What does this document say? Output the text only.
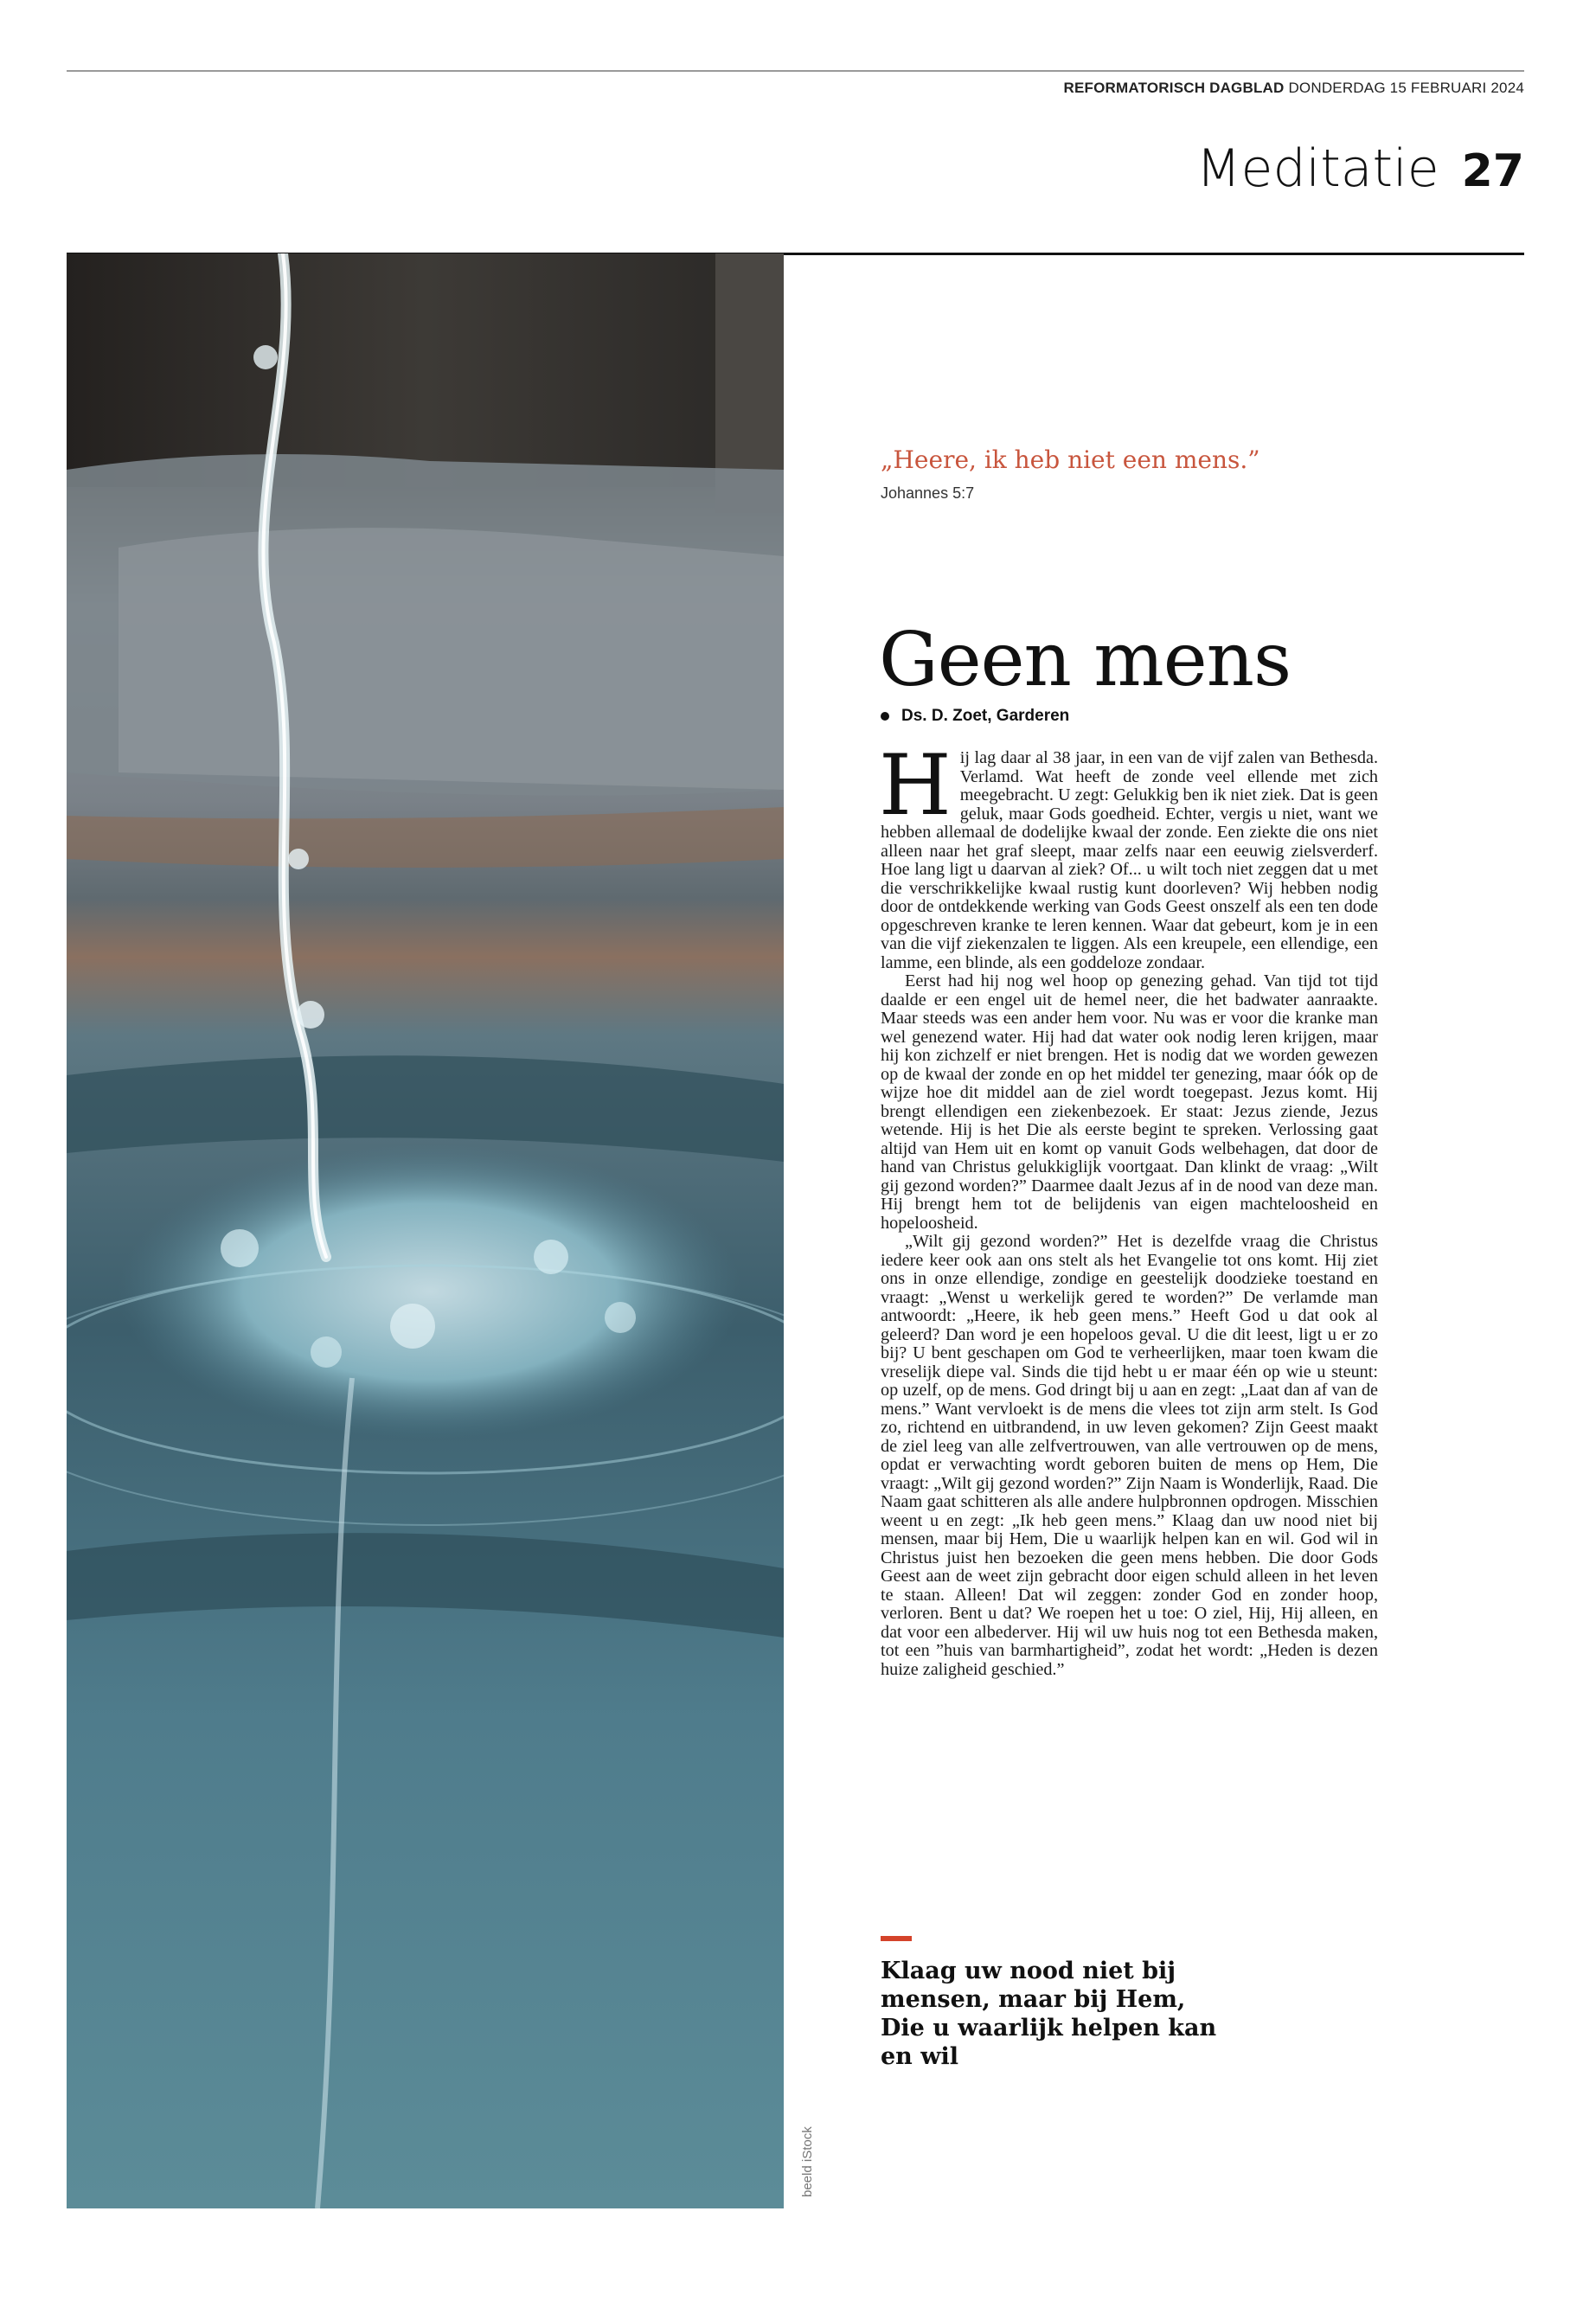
REFORMATORISCH DAGBLAD DONDERDAG 15 FEBRUARI 2024
Meditatie 27
beeld iStock
„Heere, ik heb niet een mens.”
Johannes 5:7
Geen mens
Ds. D. Zoet, Garderen

Hij lag daar al 38 jaar, in een van de vijf zalen van Bethesda. Verlamd. Wat heeft de zonde veel ellende met zich meegebracht. U zegt: Gelukkig ben ik niet ziek. Dat is geen geluk, maar Gods goedheid. Echter, vergis u niet, want we hebben allemaal de dodelijke kwaal der zonde. Een ziekte die ons niet alleen naar het graf sleept, maar zelfs naar een eeuwig zielsverderf. Hoe lang ligt u daarvan al ziek? Of... u wilt toch niet zeggen dat u met die verschrikkelijke kwaal rustig kunt doorleven? Wij hebben nodig door de ontdekkende werking van Gods Geest onszelf als een ten dode opgeschreven kranke te leren kennen. Waar dat gebeurt, kom je in een van die vijf ziekenzalen te liggen. Als een kreupele, een ellendige, een lamme, een blinde, als een goddeloze zondaar.

Eerst had hij nog wel hoop op genezing gehad. Van tijd tot tijd daalde er een engel uit de hemel neer, die het badwater aanraakte. Maar steeds was een ander hem voor. Nu was er voor die kranke man wel genezend water. Hij had dat water ook nodig leren krijgen, maar hij kon zichzelf er niet brengen. Het is nodig dat we worden gewezen op de kwaal der zonde en op het middel ter genezing, maar óók op de wijze hoe dit middel aan de ziel wordt toegepast. Jezus komt. Hij brengt ellendigen een ziekenbezoek. Er staat: Jezus ziende, Jezus wetende. Hij is het Die als eerste begint te spreken. Verlossing gaat altijd van Hem uit en komt op vanuit Gods welbehagen, dat door de hand van Christus gelukkiglijk voortgaat. Dan klinkt de vraag: „Wilt gij gezond worden?” Daarmee daalt Jezus af in de nood van deze man. Hij brengt hem tot de belijdenis van eigen machteloosheid en hopeloosheid.

„Wilt gij gezond worden?” Het is dezelfde vraag die Christus iedere keer ook aan ons stelt als het Evangelie tot ons komt. Hij ziet ons in onze ellendige, zondige en geestelijk doodzieke toestand en vraagt: „Wenst u werkelijk gered te worden?” De verlamde man antwoordt: „Heere, ik heb geen mens.” Heeft God u dat ook al geleerd? Dan word je een hopeloos geval. U die dit leest, ligt u er zo bij? U bent geschapen om God te verheerlijken, maar toen kwam die vreselijk diepe val. Sinds die tijd hebt u er maar één op wie u steunt: op uzelf, op de mens. God dringt bij u aan en zegt: „Laat dan af van de mens.” Want vervloekt is de mens die vlees tot zijn arm stelt. Is God zo, richtend en uitbrandend, in uw leven gekomen? Zijn Geest maakt de ziel leeg van alle zelfvertrouwen, van alle vertrouwen op de mens, opdat er verwachting wordt geboren buiten de mens op Hem, Die vraagt: „Wilt gij gezond worden?” Zijn Naam is Wonderlijk, Raad. Die Naam gaat schitteren als alle andere hulpbronnen opdrogen. Misschien weent u en zegt: „Ik heb geen mens.” Klaag dan uw nood niet bij mensen, maar bij Hem, Die u waarlijk helpen kan en wil. God wil in Christus juist hen bezoeken die geen mens hebben. Die door Gods Geest aan de weet zijn gebracht door eigen schuld alleen in het leven te staan. Alleen! Dat wil zeggen: zonder God en zonder hoop, verloren. Bent u dat? We roepen het u toe: O ziel, Hij, Hij alleen, en dat voor een albederver. Hij wil uw huis nog tot een Bethesda maken, tot een ”huis van barmhartigheid”, zodat het wordt: „Heden is dezen huize zaligheid geschied.”

Klaag uw nood niet bij mensen, maar bij Hem, Die u waarlijk helpen kan en wil
